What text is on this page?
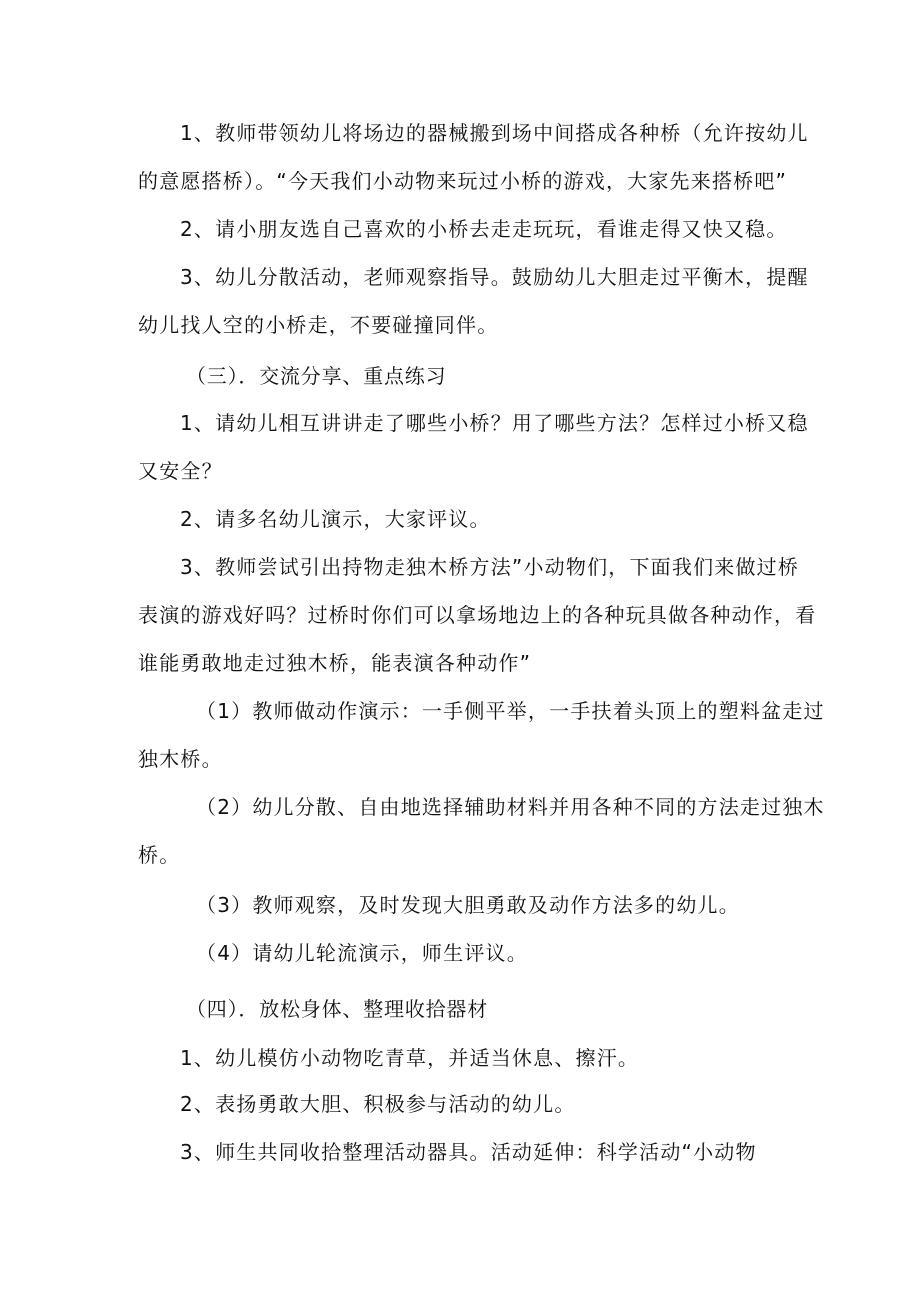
1、教师带领幼儿将场边的器械搬到场中间搭成各种桥（允许按幼儿
的意愿搭桥）。“今天我们小动物来玩过小桥的游戏，大家先来搭桥吧”
2、请小朋友选自己喜欢的小桥去走走玩玩，看谁走得又快又稳。
3、幼儿分散活动，老师观察指导。鼓励幼儿大胆走过平衡木，提醒
幼儿找人空的小桥走，不要碰撞同伴。
（三）．交流分享、重点练习
1、请幼儿相互讲讲走了哪些小桥？用了哪些方法？怎样过小桥又稳
又安全？
2、请多名幼儿演示，大家评议。
3、教师尝试引出持物走独木桥方法”小动物们，下面我们来做过桥
表演的游戏好吗？过桥时你们可以拿场地边上的各种玩具做各种动作，看
谁能勇敢地走过独木桥，能表演各种动作”
（1）教师做动作演示：一手侧平举，一手扶着头顶上的塑料盆走过
独木桥。
（2）幼儿分散、自由地选择辅助材料并用各种不同的方法走过独木
桥。
（3）教师观察，及时发现大胆勇敢及动作方法多的幼儿。
（4）请幼儿轮流演示，师生评议。
（四）．放松身体、整理收拾器材
1、幼儿模仿小动物吃青草，并适当休息、擦汗。
2、表扬勇敢大胆、积极参与活动的幼儿。
3、师生共同收拾整理活动器具。活动延伸：科学活动“小动物
